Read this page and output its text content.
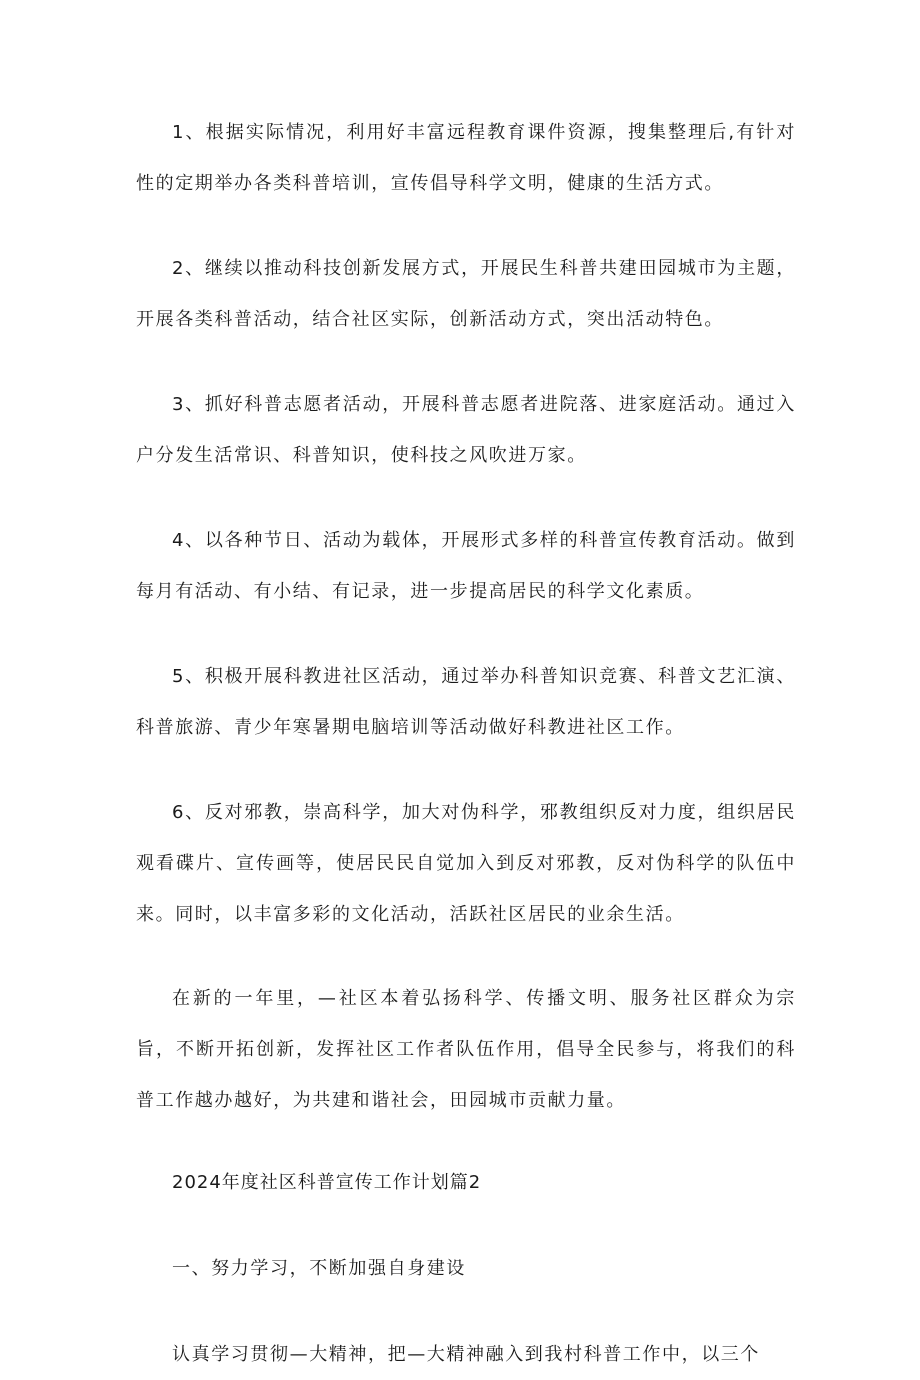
1、根据实际情况，利用好丰富远程教育课件资源，搜集整理后,有针对性的定期举办各类科普培训，宣传倡导科学文明，健康的生活方式。

2、继续以推动科技创新发展方式，开展民生科普共建田园城市为主题，开展各类科普活动，结合社区实际，创新活动方式，突出活动特色。

3、抓好科普志愿者活动，开展科普志愿者进院落、进家庭活动。通过入户分发生活常识、科普知识，使科技之风吹进万家。

4、以各种节日、活动为载体，开展形式多样的科普宣传教育活动。做到每月有活动、有小结、有记录，进一步提高居民的科学文化素质。

5、积极开展科教进社区活动，通过举办科普知识竞赛、科普文艺汇演、科普旅游、青少年寒暑期电脑培训等活动做好科教进社区工作。

6、反对邪教，崇高科学，加大对伪科学，邪教组织反对力度，组织居民观看碟片、宣传画等，使居民民自觉加入到反对邪教，反对伪科学的队伍中来。同时，以丰富多彩的文化活动，活跃社区居民的业余生活。

在新的一年里，—社区本着弘扬科学、传播文明、服务社区群众为宗旨，不断开拓创新，发挥社区工作者队伍作用，倡导全民参与，将我们的科普工作越办越好，为共建和谐社会，田园城市贡献力量。

2024年度社区科普宣传工作计划篇2

一、努力学习，不断加强自身建设

认真学习贯彻—大精神，把—大精神融入到我村科普工作中，以三个
